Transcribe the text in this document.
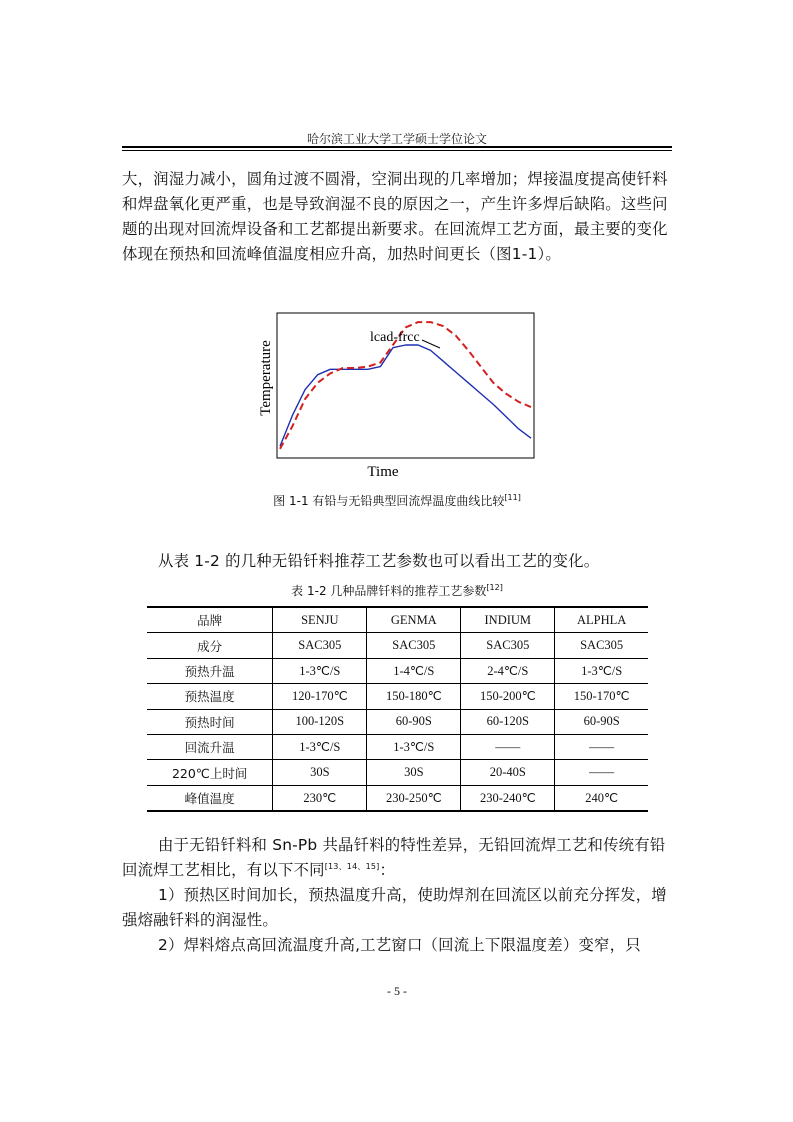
哈尔滨工业大学工学硕士学位论文

大，润湿力减小，圆角过渡不圆滑，空洞出现的几率增加；焊接温度提高使钎料和焊盘氧化更严重，也是导致润湿不良的原因之一，产生许多焊后缺陷。这些问题的出现对回流焊设备和工艺都提出新要求。在回流焊工艺方面，最主要的变化体现在预热和回流峰值温度相应升高，加热时间更长（图1-1）。

lcad-frcc
Time
Temperature
图 1-1 有铅与无铅典型回流焊温度曲线比较[11]

从表 1-2 的几种无铅钎料推荐工艺参数也可以看出工艺的变化。

表 1-2 几种品牌钎料的推荐工艺参数[12]
品牌	SENJU	GENMA	INDIUM	ALPHLA
成分	SAC305	SAC305	SAC305	SAC305
预热升温	1-3℃/S	1-4℃/S	2-4℃/S	1-3℃/S
预热温度	120-170℃	150-180℃	150-200℃	150-170℃
预热时间	100-120S	60-90S	60-120S	60-90S
回流升温	1-3℃/S	1-3℃/S	——	——
220℃上时间	30S	30S	20-40S	——
峰值温度	230℃	230-250℃	230-240℃	240℃

由于无铅钎料和 Sn-Pb 共晶钎料的特性差异，无铅回流焊工艺和传统有铅回流焊工艺相比，有以下不同[13、14、15]：

1）预热区时间加长，预热温度升高，使助焊剂在回流区以前充分挥发，增强熔融钎料的润湿性。

2）焊料熔点高回流温度升高,工艺窗口（回流上下限温度差）变窄，只

- 5 -
